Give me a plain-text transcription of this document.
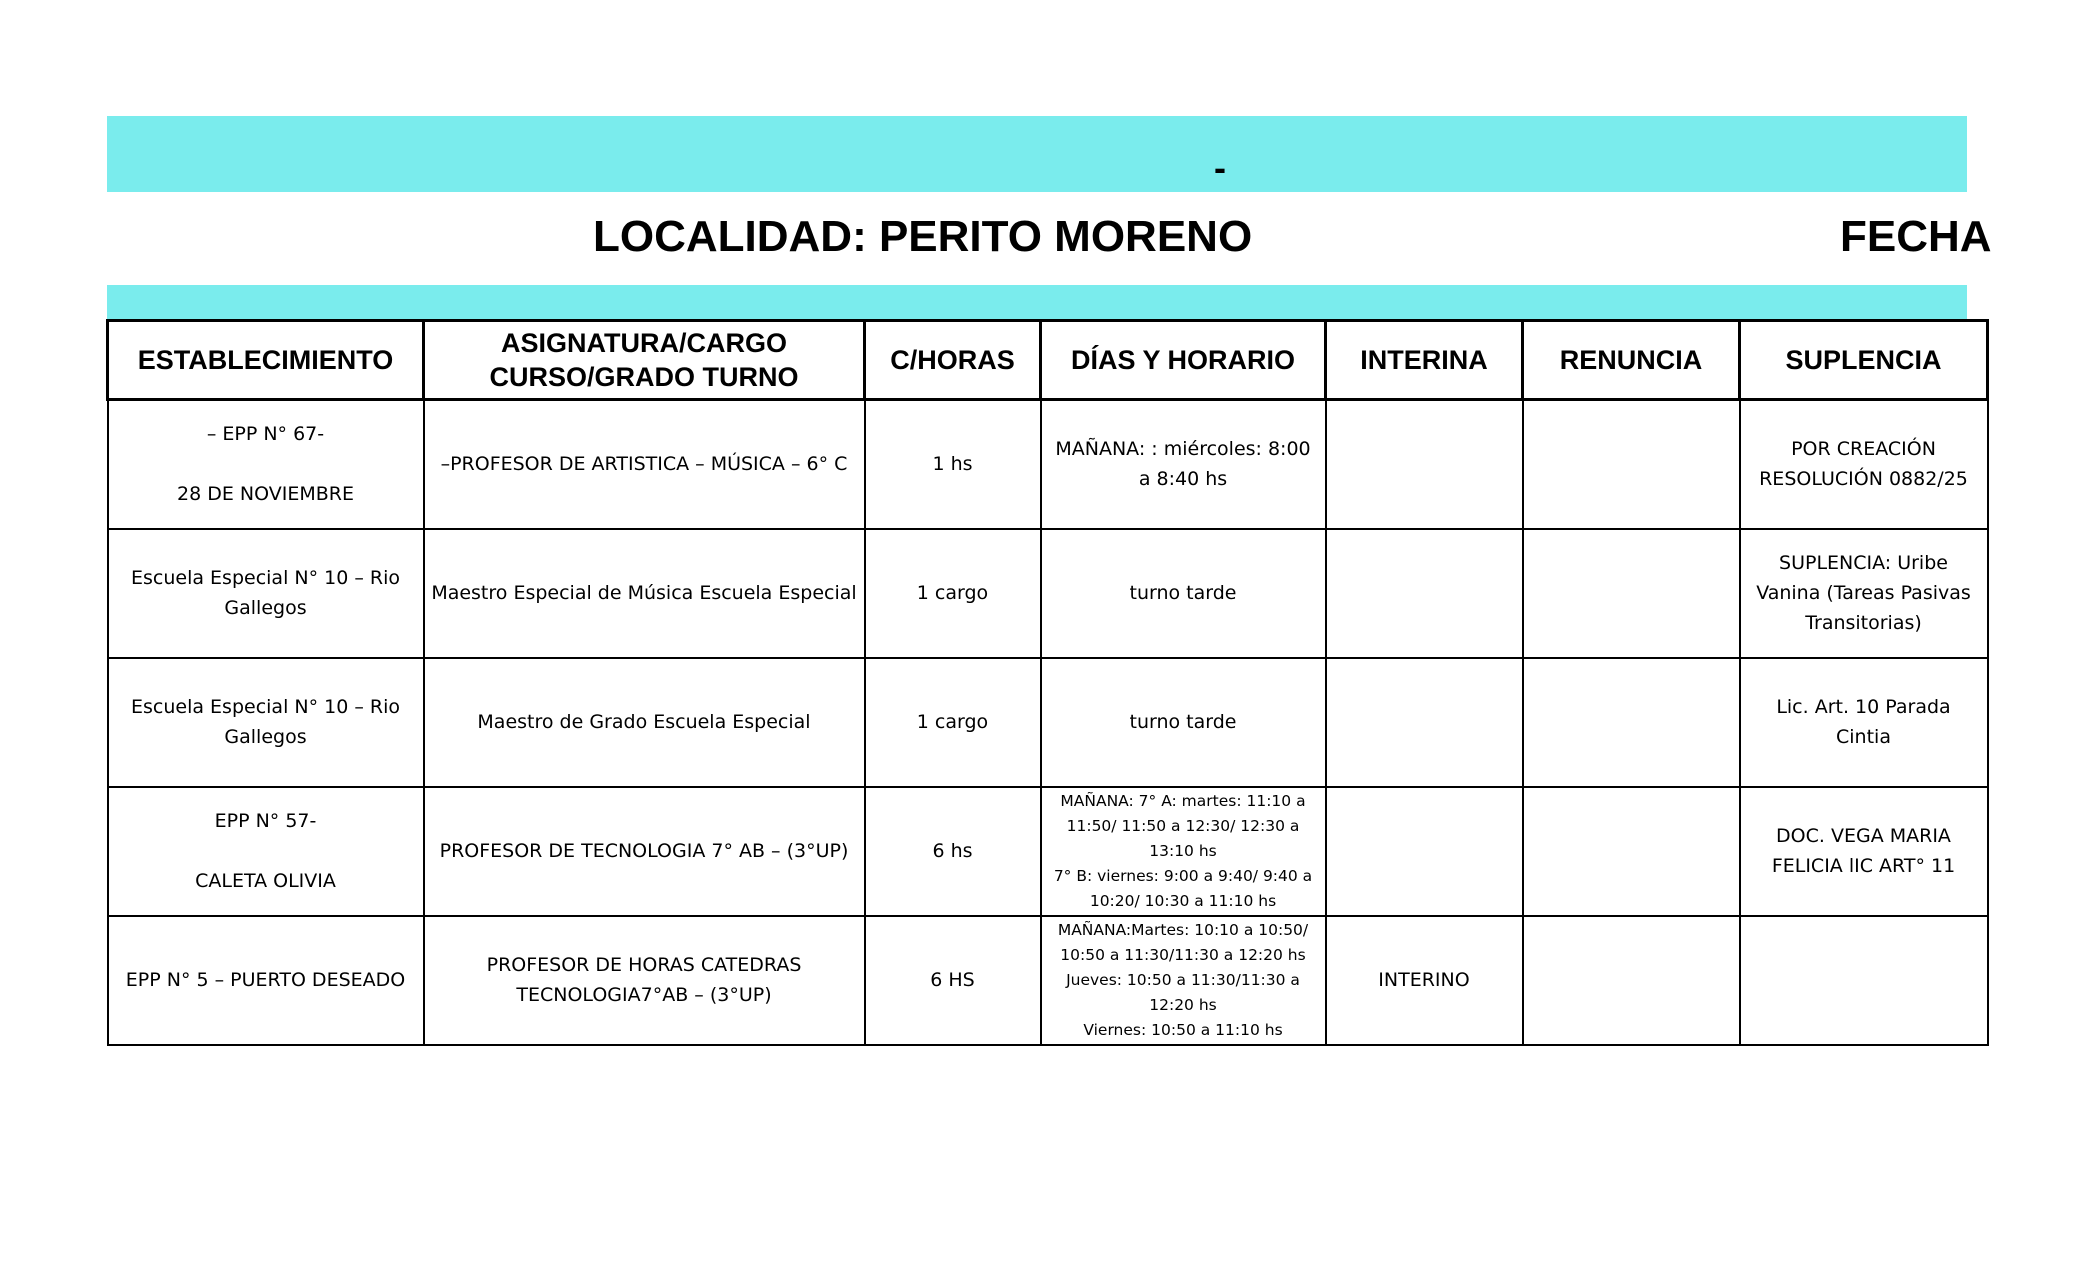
-
LOCALIDAD: PERITO MORENO	FECHA
ESTABLECIMIENTO	ASIGNATURA/CARGO
CURSO/GRADO TURNO	C/HORAS	DÍAS Y HORARIO	INTERINA	RENUNCIA	SUPLENCIA
– EPP N° 67-

28 DE NOVIEMBRE	–PROFESOR DE ARTISTICA – MÚSICA – 6° C	1 hs	MAÑANA: : miércoles: 8:00 a 8:40 hs			POR CREACIÓN RESOLUCIÓN 0882/25
Escuela Especial N° 10 – Rio Gallegos	Maestro Especial de Música Escuela Especial	1 cargo	turno tarde			SUPLENCIA: Uribe Vanina (Tareas Pasivas Transitorias)
Escuela Especial N° 10 – Rio Gallegos	Maestro de Grado Escuela Especial	1 cargo	turno tarde			Lic. Art. 10 Parada Cintia
EPP N° 57-

CALETA OLIVIA	PROFESOR DE TECNOLOGIA 7° AB – (3°UP)	6 hs	MAÑANA: 7° A: martes: 11:10 a 11:50/ 11:50 a 12:30/ 12:30 a 13:10 hs
7° B: viernes: 9:00 a 9:40/ 9:40 a 10:20/ 10:30 a 11:10 hs			DOC. VEGA MARIA FELICIA lIC ART° 11
EPP N° 5 – PUERTO DESEADO	PROFESOR DE HORAS CATEDRAS TECNOLOGIA7°AB – (3°UP)	6 HS	MAÑANA:Martes: 10:10 a 10:50/ 10:50 a 11:30/11:30 a 12:20 hs
Jueves: 10:50 a 11:30/11:30 a 12:20 hs
Viernes: 10:50 a 11:10 hs	INTERINO		
